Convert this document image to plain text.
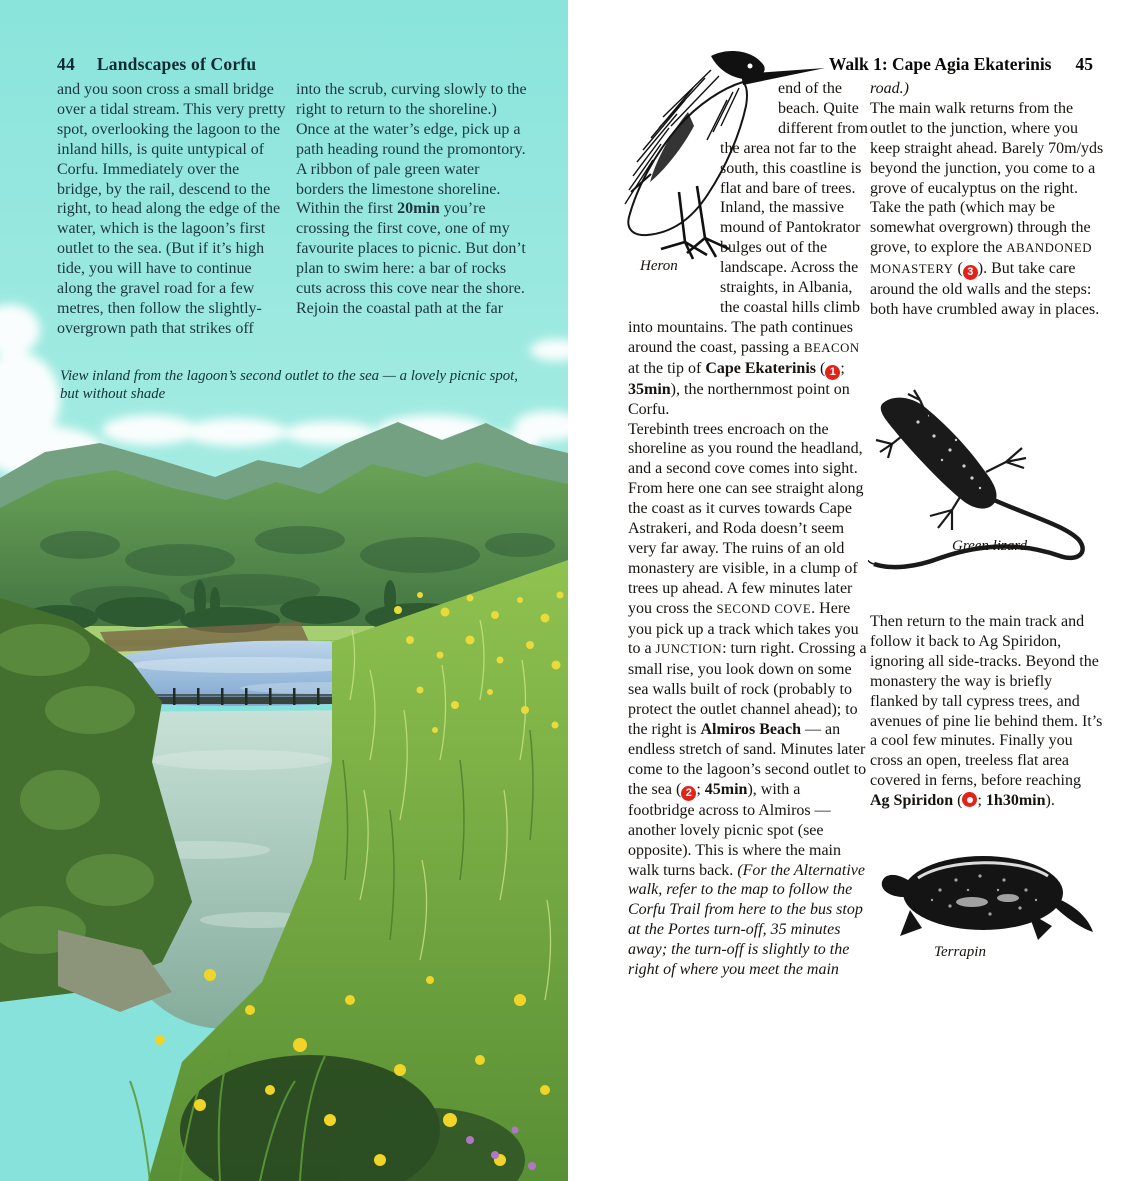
44 Landscapes of Corfu

and you soon cross a small bridge over a tidal stream. This very pretty spot, overlooking the lagoon to the inland hills, is quite untypical of Corfu. Immediately over the bridge, by the rail, descend to the right, to head along the edge of the water, which is the lagoon’s first outlet to the sea. (But if it’s high tide, you will have to continue along the gravel road for a few metres, then follow the slightly-overgrown path that strikes off

into the scrub, curving slowly to the right to return to the shoreline.)

Once at the water’s edge, pick up a path heading round the promontory. A ribbon of pale green water borders the limestone shoreline. Within the first 20min you’re crossing the first cove, one of my favourite places to picnic. But don’t plan to swim here: a bar of rocks cuts across this cove near the shore. Rejoin the coastal path at the far

View inland from the lagoon’s second outlet to the sea — a lovely picnic spot, but without shade
Walk 1: Cape Agia Ekaterinis 45
Heron

end of the beach. Quite different from the area not far to the south, this coastline is flat and bare of trees. Inland, the massive mound of Pantokrator bulges out of the landscape. Across the straights, in Albania, the coastal hills climb into mountains. The path continues around the coast, passing a BEACON at the tip of Cape Ekaterinis ( 1 ; 35min), the northernmost point on Corfu.

Terebinth trees encroach on the shoreline as you round the headland, and a second cove comes into sight. From here one can see straight along the coast as it curves towards Cape Astrakeri, and Roda doesn’t seem very far away. The ruins of an old monastery are visible, in a clump of trees up ahead. A few minutes later you cross the SECOND COVE. Here you pick up a track which takes you to a JUNCTION: turn right. Crossing a small rise, you look down on some sea walls built of rock (probably to protect the outlet channel ahead); to the right is Almiros Beach — an endless stretch of sand. Minutes later come to the lagoon’s second outlet to the sea ( 2 ; 45min), with a footbridge across to Almiros — another lovely picnic spot (see opposite). This is where the main walk turns back. (For the Alternative walk, refer to the map to follow the Corfu Trail from here to the bus stop at the Portes turn-off, 35 minutes away; the turn-off is slightly to the right of where you meet the main

road.)

The main walk returns from the outlet to the junction, where you keep straight ahead. Barely 70m/yds beyond the junction, you come to a grove of eucalyptus on the right. Take the path (which may be somewhat overgrown) through the grove, to explore the ABANDONED MONASTERY ( 3 ). But take care around the old walls and the steps: both have crumbled away in places.

Green lizard

Then return to the main track and follow it back to Ag Spiridon, ignoring all side-tracks. Beyond the monastery the way is briefly flanked by tall cypress trees, and avenues of pine lie behind them. It’s a cool few minutes. Finally you cross an open, treeless flat area covered in ferns, before reaching Ag Spiridon ( ; 1h30min).

Terrapin
